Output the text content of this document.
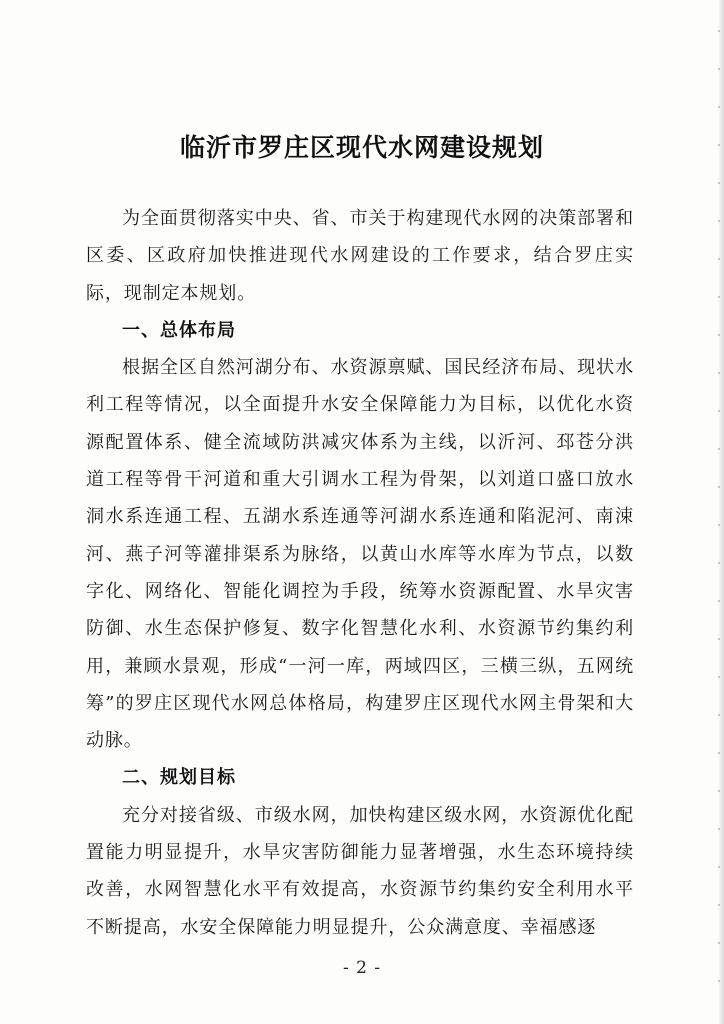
临沂市罗庄区现代水网建设规划

为全面贯彻落实中央、省、市关于构建现代水网的决策部署和区委、区政府加快推进现代水网建设的工作要求，结合罗庄实际，现制定本规划。

一、总体布局

根据全区自然河湖分布、水资源禀赋、国民经济布局、现状水利工程等情况，以全面提升水安全保障能力为目标，以优化水资源配置体系、健全流域防洪减灾体系为主线，以沂河、邳苍分洪道工程等骨干河道和重大引调水工程为骨架，以刘道口盛口放水洞水系连通工程、五湖水系连通等河湖水系连通和陷泥河、南涑河、燕子河等灌排渠系为脉络，以黄山水库等水库为节点，以数字化、网络化、智能化调控为手段，统筹水资源配置、水旱灾害防御、水生态保护修复、数字化智慧化水利、水资源节约集约利用，兼顾水景观，形成“一河一库，两域四区，三横三纵，五网统筹”的罗庄区现代水网总体格局，构建罗庄区现代水网主骨架和大动脉。

二、规划目标

充分对接省级、市级水网，加快构建区级水网，水资源优化配置能力明显提升，水旱灾害防御能力显著增强，水生态环境持续改善，水网智慧化水平有效提高，水资源节约集约安全利用水平不断提高，水安全保障能力明显提升，公众满意度、幸福感逐

- 2 -
